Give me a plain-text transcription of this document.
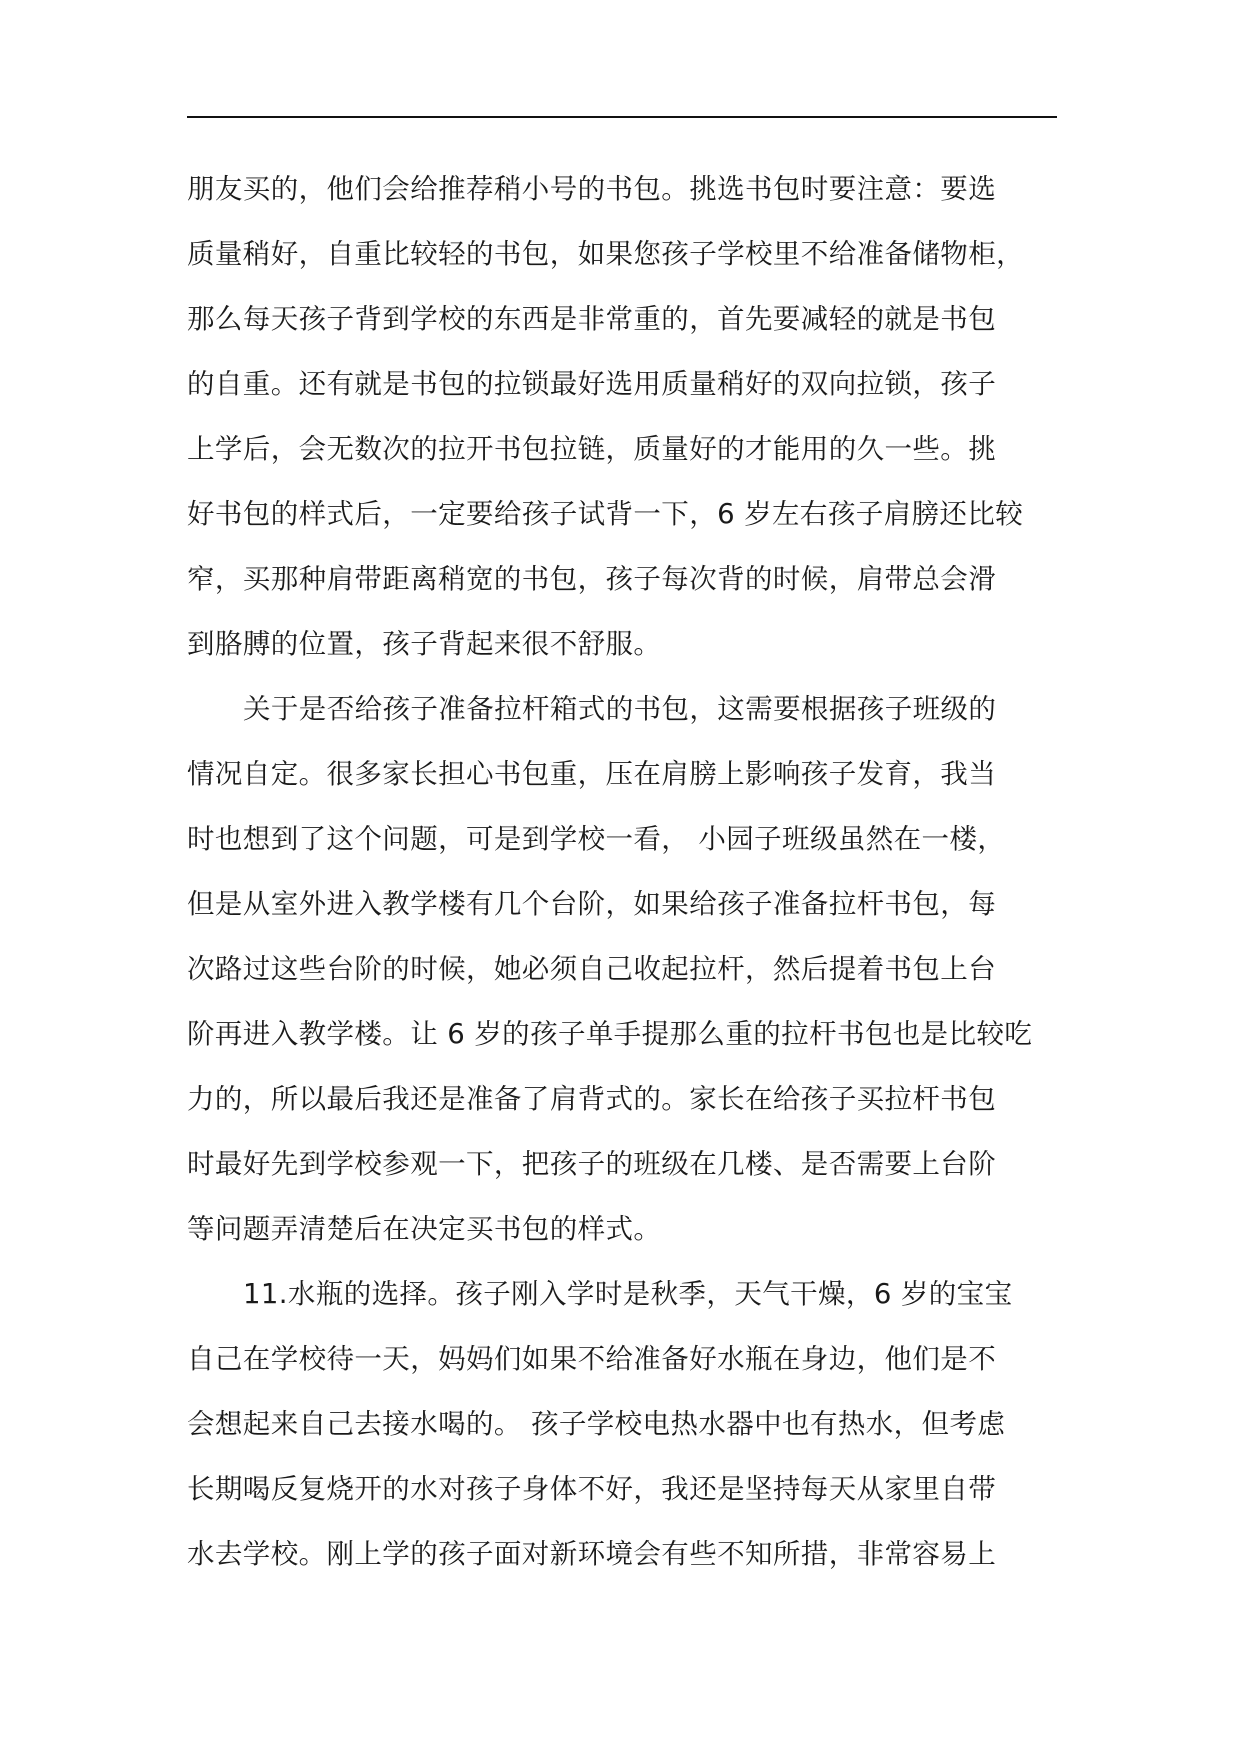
朋友买的，他们会给推荐稍小号的书包。挑选书包时要注意：要选
质量稍好，自重比较轻的书包，如果您孩子学校里不给准备储物柜，
那么每天孩子背到学校的东西是非常重的，首先要减轻的就是书包
的自重。还有就是书包的拉锁最好选用质量稍好的双向拉锁，孩子
上学后，会无数次的拉开书包拉链，质量好的才能用的久一些。挑
好书包的样式后，一定要给孩子试背一下，6 岁左右孩子肩膀还比较
窄，买那种肩带距离稍宽的书包，孩子每次背的时候，肩带总会滑
到胳膊的位置，孩子背起来很不舒服。
关于是否给孩子准备拉杆箱式的书包，这需要根据孩子班级的
情况自定。很多家长担心书包重，压在肩膀上影响孩子发育，我当
时也想到了这个问题，可是到学校一看， 小园子班级虽然在一楼，
但是从室外进入教学楼有几个台阶，如果给孩子准备拉杆书包，每
次路过这些台阶的时候，她必须自己收起拉杆，然后提着书包上台
阶再进入教学楼。让 6 岁的孩子单手提那么重的拉杆书包也是比较吃
力的，所以最后我还是准备了肩背式的。家长在给孩子买拉杆书包
时最好先到学校参观一下，把孩子的班级在几楼、是否需要上台阶
等问题弄清楚后在决定买书包的样式。
11.水瓶的选择。孩子刚入学时是秋季，天气干燥，6 岁的宝宝
自己在学校待一天，妈妈们如果不给准备好水瓶在身边，他们是不
会想起来自己去接水喝的。 孩子学校电热水器中也有热水，但考虑
长期喝反复烧开的水对孩子身体不好，我还是坚持每天从家里自带
水去学校。刚上学的孩子面对新环境会有些不知所措，非常容易上
